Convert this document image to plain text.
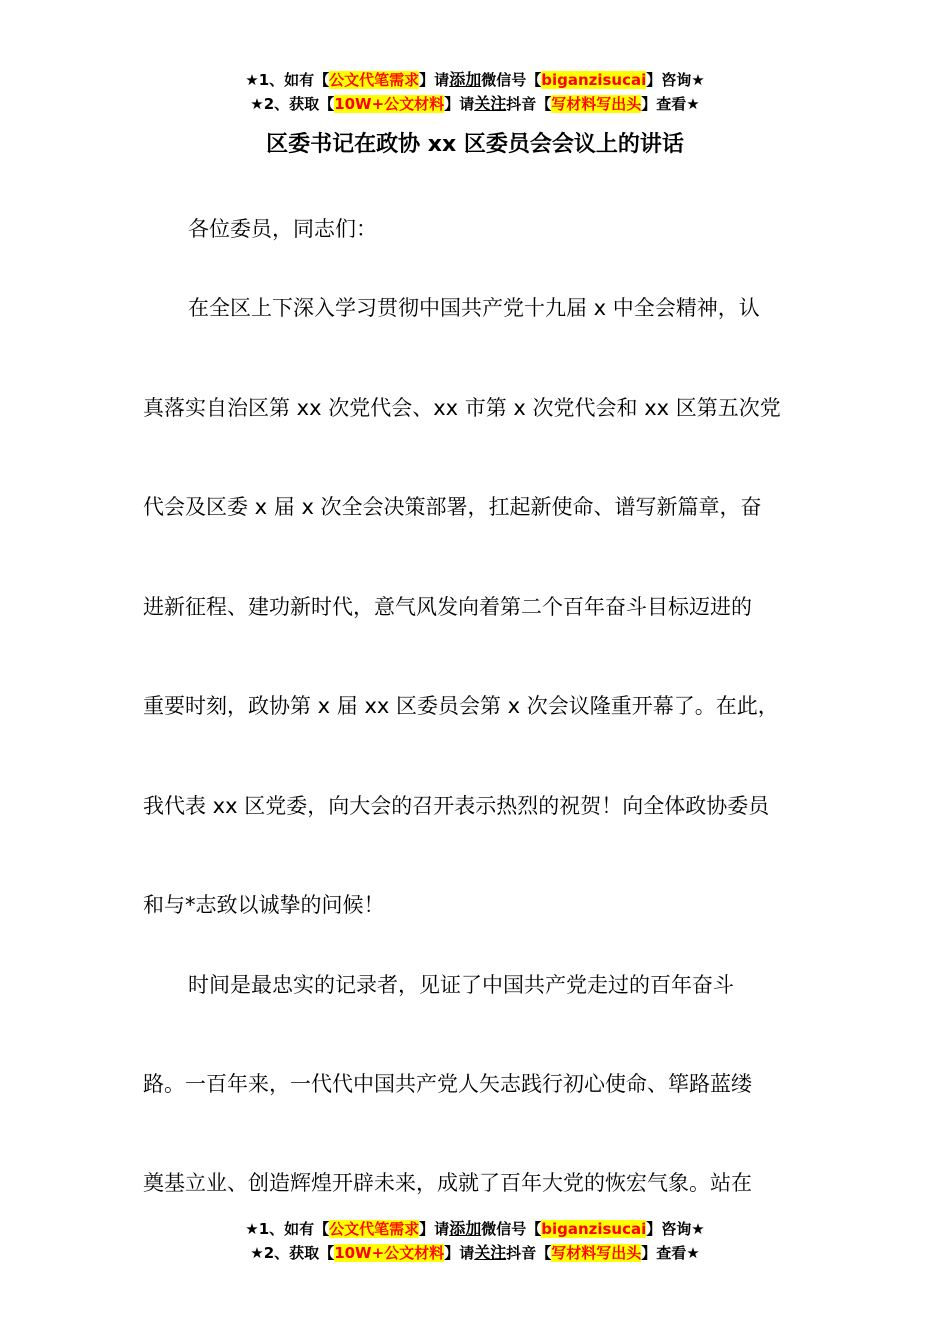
★1、如有【公文代笔需求】请添加微信号【biganzisucai】咨询★
★2、获取【10W+公文材料】请关注抖音【写材料写出头】查看★
区委书记在政协 xx 区委员会会议上的讲话
各位委员，同志们：
在全区上下深入学习贯彻中国共产党十九届 x 中全会精神，认
真落实自治区第 xx 次党代会、xx 市第 x 次党代会和 xx 区第五次党
代会及区委 x 届 x 次全会决策部署，扛起新使命、谱写新篇章，奋
进新征程、建功新时代，意气风发向着第二个百年奋斗目标迈进的
重要时刻，政协第 x 届 xx 区委员会第 x 次会议隆重开幕了。在此，
我代表 xx 区党委，向大会的召开表示热烈的祝贺！向全体政协委员
和与*志致以诚挚的问候！
时间是最忠实的记录者，见证了中国共产党走过的百年奋斗
路。一百年来，一代代中国共产党人矢志践行初心使命、筚路蓝缕
奠基立业、创造辉煌开辟未来，成就了百年大党的恢宏气象。站在
★1、如有【公文代笔需求】请添加微信号【biganzisucai】咨询★
★2、获取【10W+公文材料】请关注抖音【写材料写出头】查看★
